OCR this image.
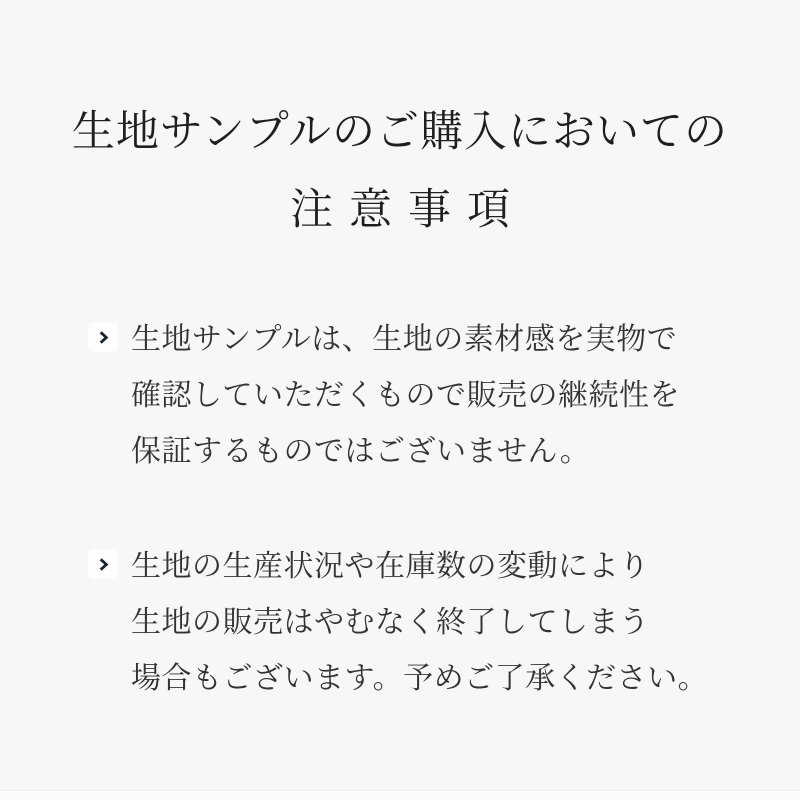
生地サンプルのご購入においての
注意事項
生地サンプルは、生地の素材感を実物で
確認していただくもので販売の継続性を
保証するものではございません。
生地の生産状況や在庫数の変動により
生地の販売はやむなく終了してしまう
場合もございます。予めご了承ください。
